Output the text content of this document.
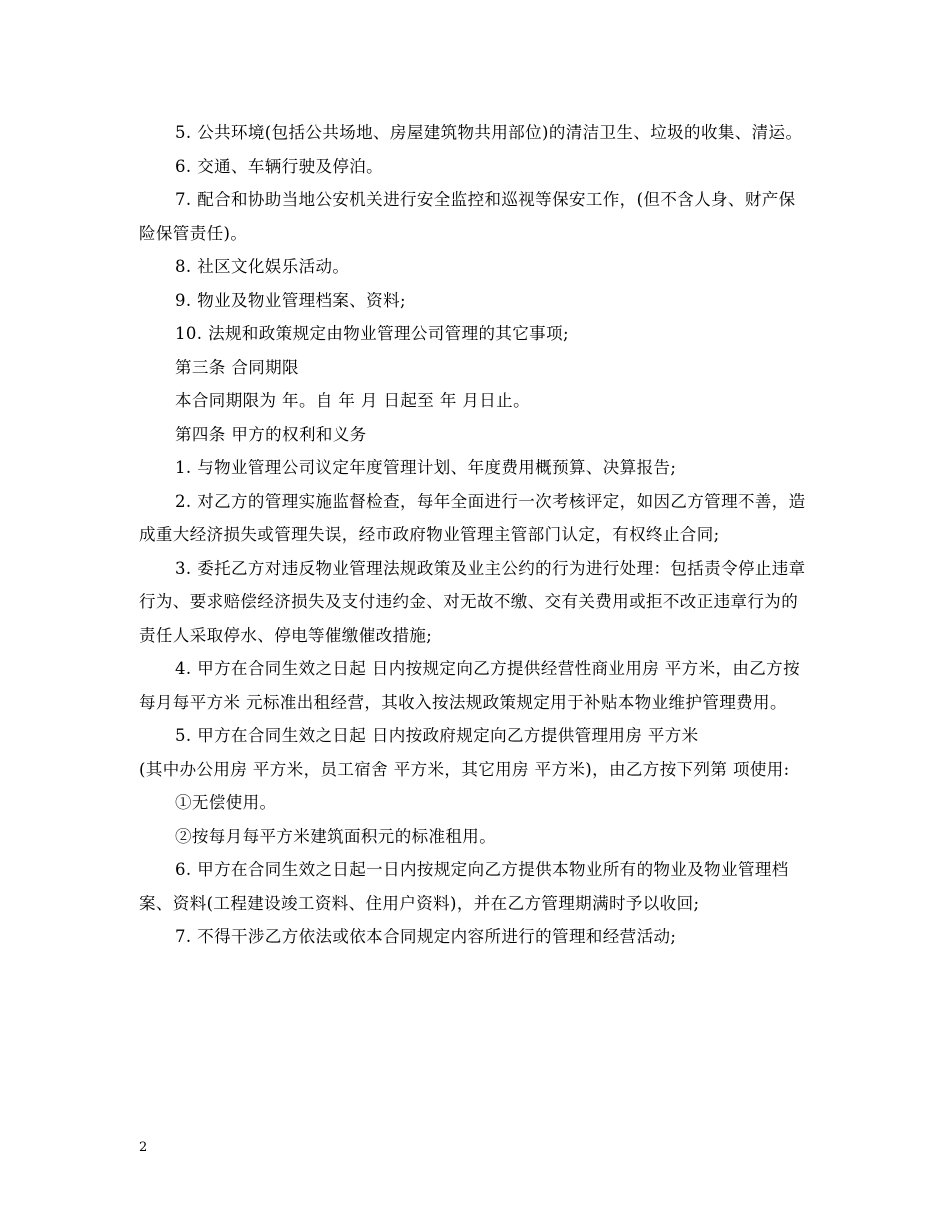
5. 公共环境(包括公共场地、房屋建筑物共用部位)的清洁卫生、垃圾的收集、清运。

6. 交通、车辆行驶及停泊。

7. 配合和协助当地公安机关进行安全监控和巡视等保安工作，(但不含人身、财产保险保管责任)。

8. 社区文化娱乐活动。

9. 物业及物业管理档案、资料;

10. 法规和政策规定由物业管理公司管理的其它事项;

第三条 合同期限

本合同期限为 年。自 年 月 日起至 年 月日止。

第四条 甲方的权利和义务

1. 与物业管理公司议定年度管理计划、年度费用概预算、决算报告;

2. 对乙方的管理实施监督检查，每年全面进行一次考核评定，如因乙方管理不善，造成重大经济损失或管理失误，经市政府物业管理主管部门认定，有权终止合同;

3. 委托乙方对违反物业管理法规政策及业主公约的行为进行处理：包括责令停止违章行为、要求赔偿经济损失及支付违约金、对无故不缴、交有关费用或拒不改正违章行为的责任人采取停水、停电等催缴催改措施;

4. 甲方在合同生效之日起 日内按规定向乙方提供经营性商业用房 平方米，由乙方按每月每平方米 元标准出租经营，其收入按法规政策规定用于补贴本物业维护管理费用。

5. 甲方在合同生效之日起 日内按政府规定向乙方提供管理用房 平方米

(其中办公用房 平方米，员工宿舍 平方米，其它用房 平方米)，由乙方按下列第 项使用:

①无偿使用。

②按每月每平方米建筑面积元的标准租用。

6. 甲方在合同生效之日起一日内按规定向乙方提供本物业所有的物业及物业管理档案、资料(工程建设竣工资料、住用户资料)，并在乙方管理期满时予以收回;

7. 不得干涉乙方依法或依本合同规定内容所进行的管理和经营活动;

2
